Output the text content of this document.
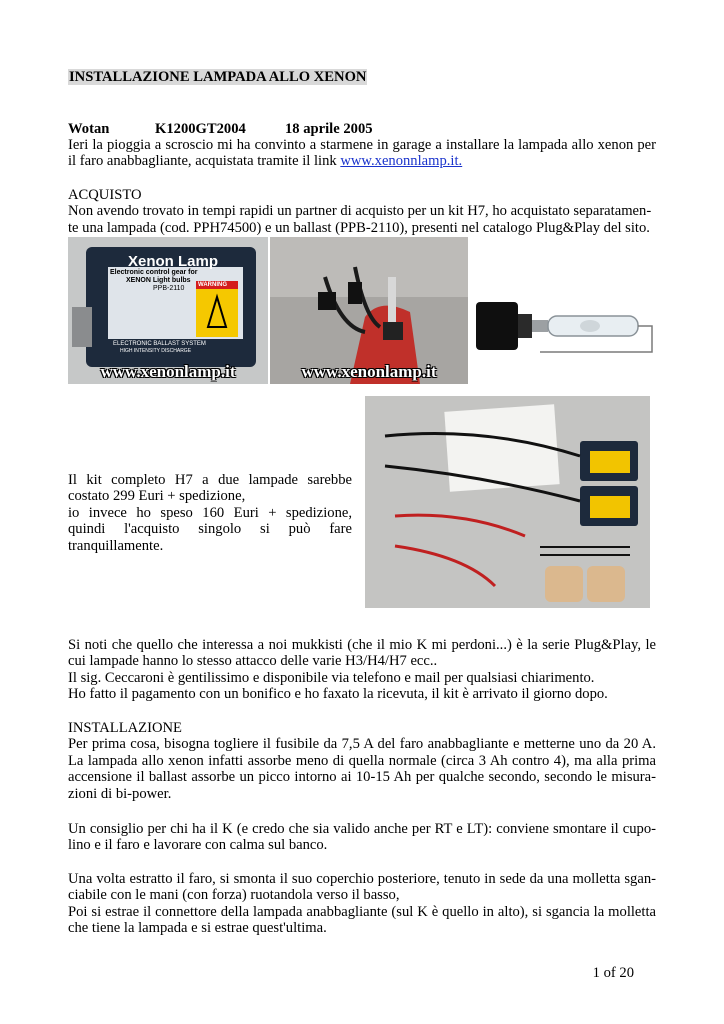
INSTALLAZIONE LAMPADA ALLO XENON
Wotan	K1200GT2004	18 aprile 2005

Ieri la pioggia a scroscio mi ha convinto a starmene in garage a installare la lampada allo xenon per il faro anabbagliante, acquistata tramite il link www.xenonnlamp.it.

ACQUISTO

Non avendo trovato in tempi rapidi un partner di acquisto per un kit H7, ho acquistato separatamen-

te una lampada (cod. PPH74500) e un ballast (PPB-2110), presenti nel catalogo Plug&Play del sito.

Xenon Lamp
Electronic control gear for
XENON Light bulbs
PPB-2110 WARNING
ELECTRONIC BALLAST SYSTEM
HIGH INTENSITY DISCHARGE
www.xenonlamp.it	www.xenonlamp.it

Il kit completo H7 a due lampade sarebbe costato 299 Euri + spedizione,

io invece ho speso 160 Euri + spedizione, quindi l'acquisto singolo si può fare tranquillamente.

Si noti che quello che interessa a noi mukkisti (che il mio K mi perdoni...) è la serie Plug&Play, le cui lampade hanno lo stesso attacco delle varie H3/H4/H7 ecc..

Il sig. Ceccaroni è gentilissimo e disponibile via telefono e mail per qualsiasi chiarimento.

Ho fatto il pagamento con un bonifico e ho faxato la ricevuta, il kit è arrivato il giorno dopo.

INSTALLAZIONE

Per prima cosa, bisogna togliere il fusibile da 7,5 A del faro anabbagliante e metterne uno da 20 A. La lampada allo xenon infatti assorbe meno di quella normale (circa 3 Ah contro 4), ma alla prima accensione il ballast assorbe un picco intorno ai 10-15 Ah per qualche secondo, secondo le misura-zioni di bi-power.

Un consiglio per chi ha il K (e credo che sia valido anche per RT e LT): conviene smontare il cupo-lino e il faro e lavorare con calma sul banco.

Una volta estratto il faro, si smonta il suo coperchio posteriore, tenuto in sede da una molletta sgan-ciabile con le mani (con forza) ruotandola verso il basso,

Poi si estrae il connettore della lampada anabbagliante (sul K è quello in alto), si sgancia la molletta che tiene la lampada e si estrae quest'ultima.

1 of 20
